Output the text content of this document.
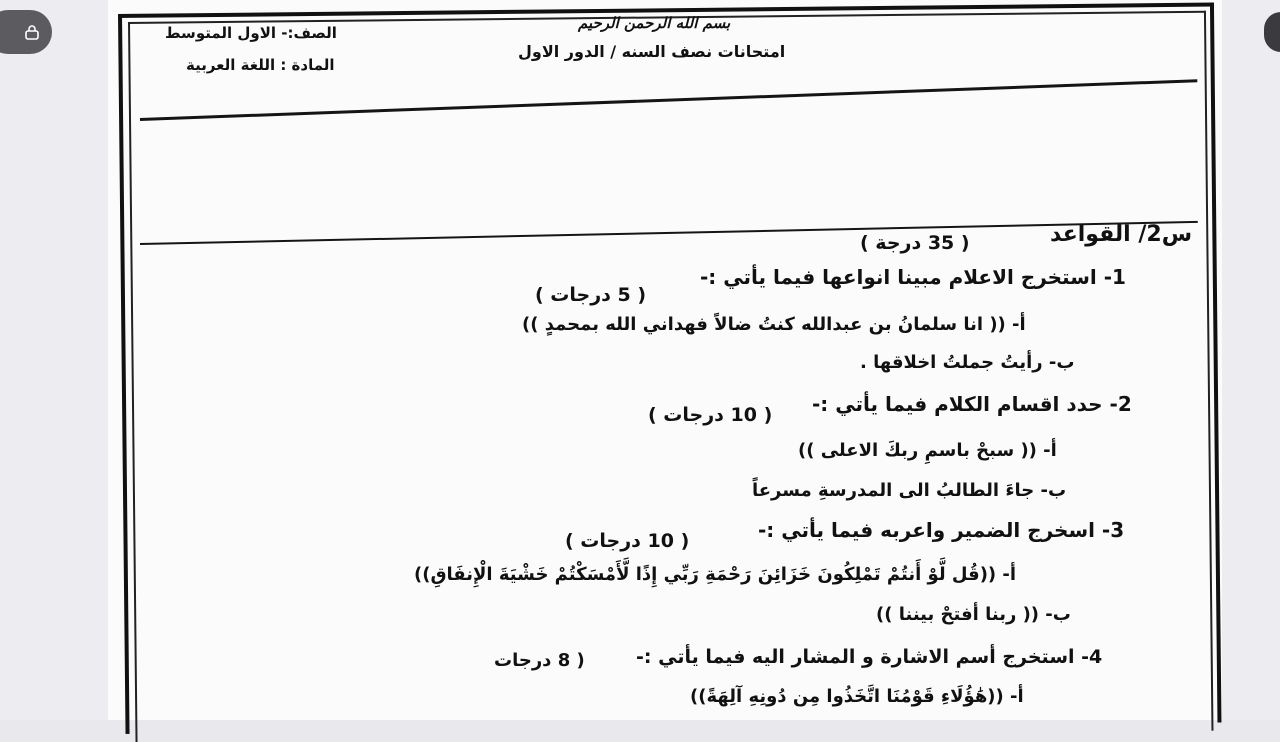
بسم الله الرحمن الرحيم
الصف:- الاول المتوسط
المادة : اللغة العربية
امتحانات نصف السنه / الدور الاول
س2/ القواعد
( 35 درجة )
1- استخرج الاعلام مبينا انواعها فيما يأتي :-
( 5 درجات )
أ- (( انا سلمانُ بن عبدالله كنتُ ضالاً فهداني الله بمحمدٍ ))
ب- رأيتُ جملتُ اخلاقها .
2- حدد اقسام الكلام فيما يأتي :-
( 10 درجات )
أ- (( سبحْ باسمِ ربكَ الاعلى ))
ب- جاءَ الطالبُ الى المدرسةِ مسرعاً
3- اسخرج الضمير واعربه فيما يأتي :-
( 10 درجات )
أ- ((قُل لَّوْ أَنتُمْ تَمْلِكُونَ خَزَائِنَ رَحْمَةِ رَبِّي إِذًا لَّأَمْسَكْتُمْ خَشْيَةَ الْإِنفَاقِ))
ب- (( ربنا أفتحْ بيننا ))
4- استخرج أسم الاشارة و المشار اليه فيما يأتي :-
( 8 درجات
أ- ((هَٰؤُلَاءِ قَوْمُنَا اتَّخَذُوا مِن دُونِهِ آلِهَةً))
